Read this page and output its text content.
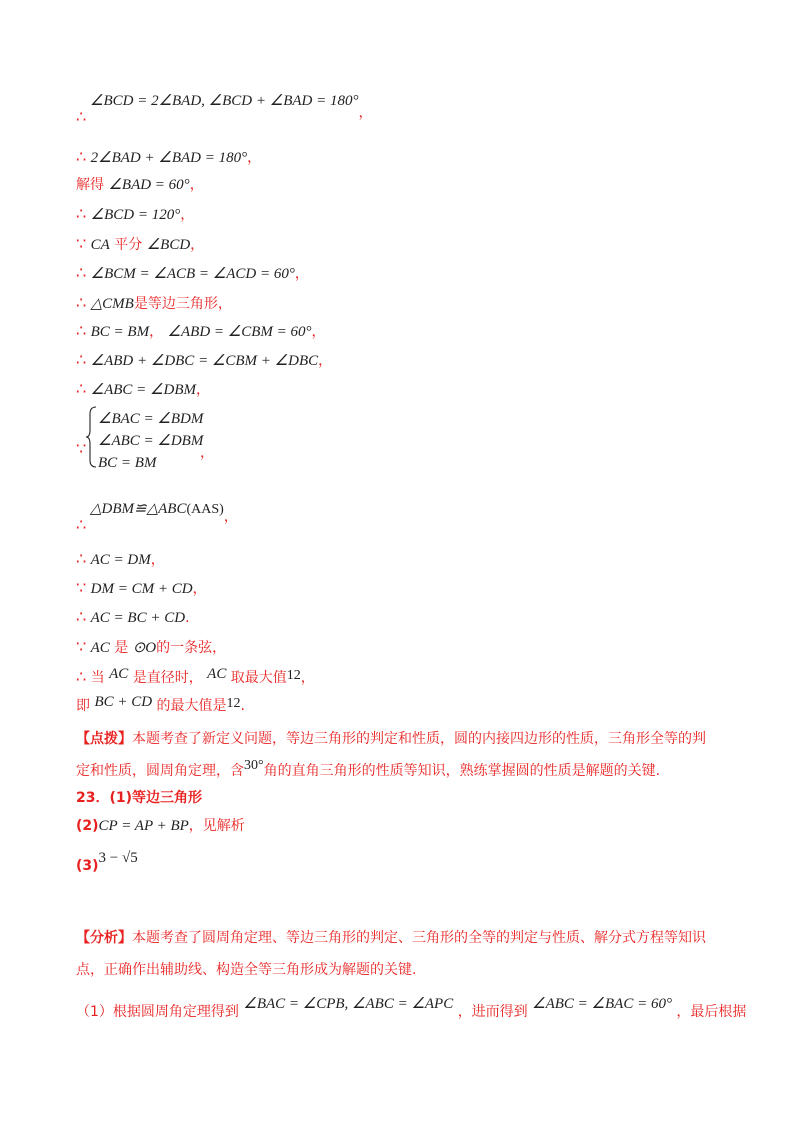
∠BCD = 2∠BAD, ∠BCD + ∠BAD = 180°，
∴
∴ 2∠BAD + ∠BAD = 180°，
解得 ∠BAD = 60°，
∴ ∠BCD = 120°，
∵ CA 平分 ∠BCD，
∴ ∠BCM = ∠ACB = ∠ACD = 60°，
∴ △CMB是等边三角形，
∴ BC = BM， ∠ABD = ∠CBM = 60°，
∴ ∠ABD + ∠DBC = ∠CBM + ∠DBC，
∴ ∠ABC = ∠DBM，
∵
∠BAC = ∠BDM
∠ABC = ∠DBM
BC = BM
，
△DBM≌△ABC(AAS)，
∴
∴ AC = DM，
∵ DM = CM + CD，
∴ AC = BC + CD.
∵ AC 是 ⊙O的一条弦，
∴ 当 AC 是直径时， AC 取最大值12，
即 BC + CD 的最大值是12.
【点拨】本题考查了新定义问题，等边三角形的判定和性质，圆的内接四边形的性质，三角形全等的判
定和性质，圆周角定理，含30°角的直角三角形的性质等知识，熟练掌握圆的性质是解题的关键.
23．(1)等边三角形
(2)CP = AP + BP，见解析
(3)3 − √5
【分析】本题考查了圆周角定理、等边三角形的判定、三角形的全等的判定与性质、解分式方程等知识
点，正确作出辅助线、构造全等三角形成为解题的关键.
（1）根据圆周角定理得到 ∠BAC = ∠CPB, ∠ABC = ∠APC ，进而得到 ∠ABC = ∠BAC = 60° ，最后根据
